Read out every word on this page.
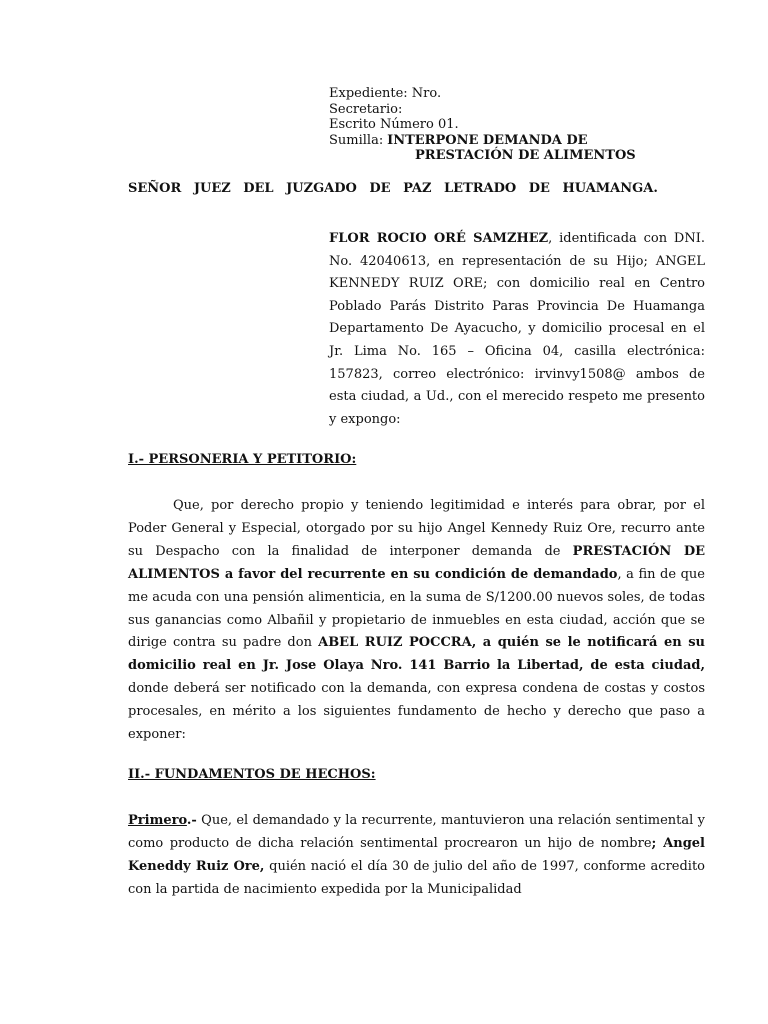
Expediente: Nro.
Secretario:
Escrito Número 01.
Sumilla: INTERPONE DEMANDA DE
PRESTACIÓN DE ALIMENTOS
SEÑOR JUEZ DEL JUZGADO DE PAZ LETRADO DE HUAMANGA.
FLOR ROCIO ORÉ SAMZHEZ, identificada con DNI. No. 42040613, en representación de su Hijo; ANGEL KENNEDY RUIZ ORE; con domicilio real en Centro Poblado Parás Distrito Paras Provincia De Huamanga Departamento De Ayacucho, y domicilio procesal en el Jr. Lima No. 165 – Oficina 04, casilla electrónica: 157823, correo electrónico: irvinvy1508@ ambos de esta ciudad, a Ud., con el merecido respeto me presento y expongo:
I.- PERSONERIA Y PETITORIO:
Que, por derecho propio y teniendo legitimidad e interés para obrar, por el Poder General y Especial, otorgado por su hijo Angel Kennedy Ruiz Ore, recurro ante su Despacho con la finalidad de interponer demanda de PRESTACIÓN DE ALIMENTOS a favor del recurrente en su condición de demandado, a fin de que me acuda con una pensión alimenticia, en la suma de S/1200.00 nuevos soles, de todas sus ganancias como Albañil y propietario de inmuebles en esta ciudad, acción que se dirige contra su padre don ABEL RUIZ POCCRA, a quién se le notificará en su domicilio real en Jr. Jose Olaya Nro. 141 Barrio la Libertad, de esta ciudad, donde deberá ser notificado con la demanda, con expresa condena de costas y costos procesales, en mérito a los siguientes fundamento de hecho y derecho que paso a exponer:
II.- FUNDAMENTOS DE HECHOS:
Primero.- Que, el demandado y la recurrente, mantuvieron una relación sentimental y como producto de dicha relación sentimental procrearon un hijo de nombre; Angel Keneddy Ruiz Ore, quién nació el día 30 de julio del año de 1997, conforme acredito con la partida de nacimiento expedida por la Municipalidad
